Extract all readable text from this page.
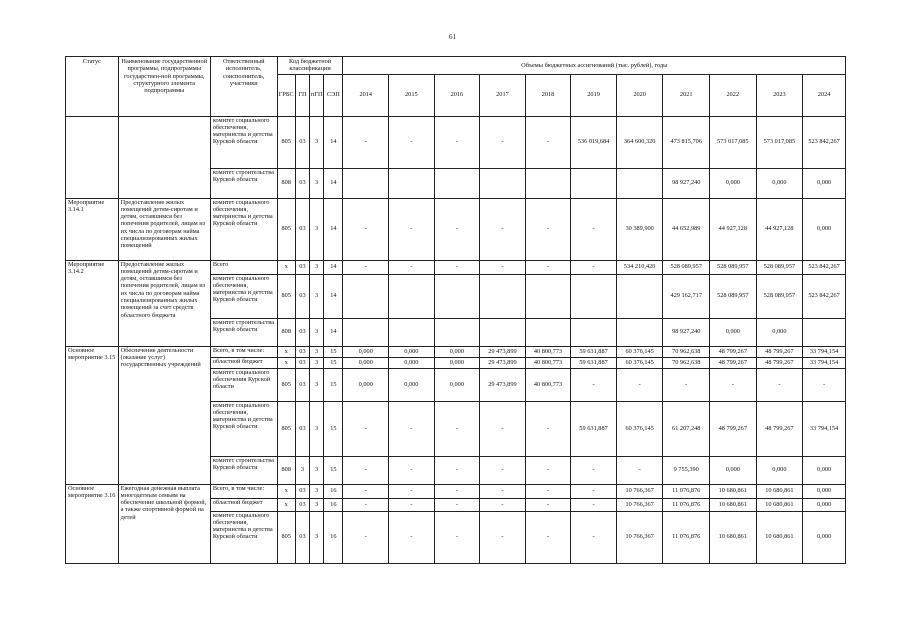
61
Статус	Наименование государственной программы, подпрограммы государствен-ной программы, структурного элемента подпрограммы	Ответственный исполнитель, соисполнитель, участники	Код бюджетной классификации				Объемы бюджетных ассигнований (тыс. рублей), годы										
			ГРБС	ГП	пГП	СЭП	2014	2015	2016	2017	2018	2019	2020	2021	2022	2023	2024
		комитет социального обеспечения, материнства и детства Курской области	805	03	3	14	-	-	-	-	-	536 019,684	364 600,320	473 815,706	573 017,085	573 017,085	523 842,267
		комитет строительства Курской области	808	03	3	14								98 927,240	0,000	0,000	0,000
Мероприятие 3.14.1	Предоставление жилых помещений детям-сиротам и детям, оставшимся без попечения родителей, лицам из их числа по договорам найма специализированных жилых помещений	комитет социального обеспечения, материнства и детства Курской области	805	03	3	14	-	-	-	-	-	-	30 389,900	44 652,989	44 927,128	44 927,128	0,000
Мероприятие 3.14.2	Предоставление жилых помещений детям-сиротам и детям, оставшимся без попечения родителей, лицам из их числа по договорам найма специализированных жилых помещений за счет средств областного бюджета	Всего	x	03	3	14	-	-	-	-	-	-	534 210,420	528 089,957	528 089,957	528 089,957	523 842,267
		комитет социального обеспечения, материнства и детства Курской области	805	03	3	14								429 162,717	528 089,957	528 089,957	523 842,267
		комитет строительства Курской области	808	03	3	14								98 927,240	0,000	0,000	
Основное мероприятие 3.15	Обеспечение деятельности (оказание услуг) государственных учреждений	Всего, в том числе:	x	03	3	15	0,000	0,000	0,000	29 473,899	40 800,773	59 631,887	60 376,145	70 962,638	48 799,267	48 799,267	33 794,154
		областной бюджет	x	03	3	15	0,000	0,000	0,000	29 473,899	40 800,773	59 631,887	60 376,145	70 962,638	48 799,267	48 799,267	33 794,154
		комитет социального обеспечения Курской области	805	03	3	15	0,000	0,000	0,000	29 473,899	40 800,773	-	-	-	-	-	-
		комитет социального обеспечения, материнства и детства Курской области	805	03	3	15	-	-	-	-	-	59 631,887	60 376,145	61 207,248	48 799,267	48 799,267	33 794,154
		комитет строительства Курской области	808	3	3	15	-	-	-	-	-	-	-	9 755,390	0,000	0,000	0,000
Основное мероприятие 3.16	Ежегодная денежная выплата многодетным семьям на обеспечение школьной формой, а также спортивной формой на детей	Всего, в том числе:	x	03	3	16	-	-	-	-	-	-	10 766,367	11 076,876	10 680,861	10 680,861	0,000
		областной бюджет	x	03	3	16	-	-	-	-	-	-	10 766,367	11 076,876	10 680,861	10 680,861	0,000
		комитет социального обеспечения, материнства и детства Курской области	805	03	3	16	-	-	-	-	-	-	10 766,367	11 076,876	10 680,861	10 680,861	0,000
